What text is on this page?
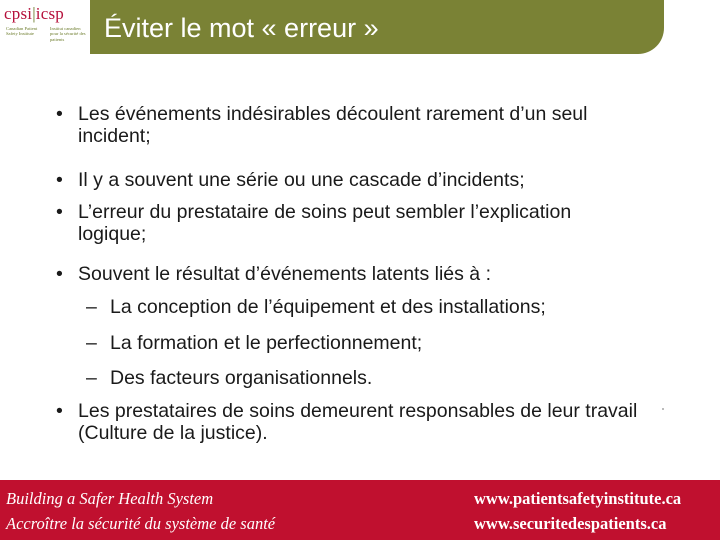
cpsi|icsp
Canadian Patient Safety Institute
Institut canadien pour la sécurité des patients	Éviter le mot « erreur »
• Les événements indésirables découlent rarement d’un seul incident;
• Il y a souvent une série ou une cascade d’incidents;
• L’erreur du prestataire de soins peut sembler l’explication logique;
• Souvent le résultat d’événements latents liés à :
– La conception de l’équipement et des installations;
– La formation et le perfectionnement;
– Des facteurs organisationnels.
• Les prestataires de soins demeurent responsables de leur travail (Culture de la justice).
Building a Safer Health System
Accroître la sécurité du système de santé
www.patientsafetyinstitute.ca
www.securitedespatients.ca
